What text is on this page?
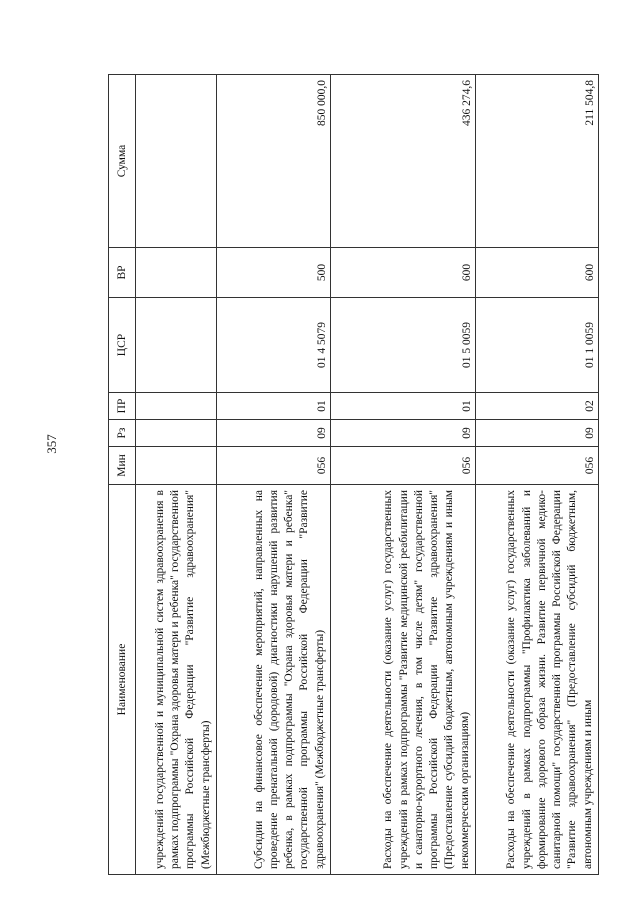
357
Наименование	Мин	Рз	ПР	ЦСР	ВР	Сумма
учреждений государственной и муниципальной систем здравоохранения в рамках подпрограммы "Охрана здоровья матери и ребенка" государственной программы Российской Федерации "Развитие здравоохранения" (Межбюджетные трансферты)						
Субсидии на финансовое обеспечение мероприятий, направленных на проведение пренатальной (дородовой) диагностики нарушений развития ребенка, в рамках подпрограммы "Охрана здоровья матери и ребенка" государственной программы Российской Федерации "Развитие здравоохранения" (Межбюджетные трансферты)	056	09	01	01 4 5079	500	850 000,0
Расходы на обеспечение деятельности (оказание услуг) государственных учреждений в рамках подпрограммы "Развитие медицинской реабилитации и санаторно-курортного лечения, в том числе детям" государственной программы Российской Федерации "Развитие здравоохранения" (Предоставление субсидий бюджетным, автономным учреждениям и иным некоммерческим организациям)	056	09	01	01 5 0059	600	436 274,6
Расходы на обеспечение деятельности (оказание услуг) государственных учреждений в рамках подпрограммы "Профилактика заболеваний и формирование здорового образа жизни. Развитие первичной медико-санитарной помощи" государственной программы Российской Федерации "Развитие здравоохранения" (Предоставление субсидий бюджетным, автономным учреждениям и иным	056	09	02	01 1 0059	600	211 504,8
